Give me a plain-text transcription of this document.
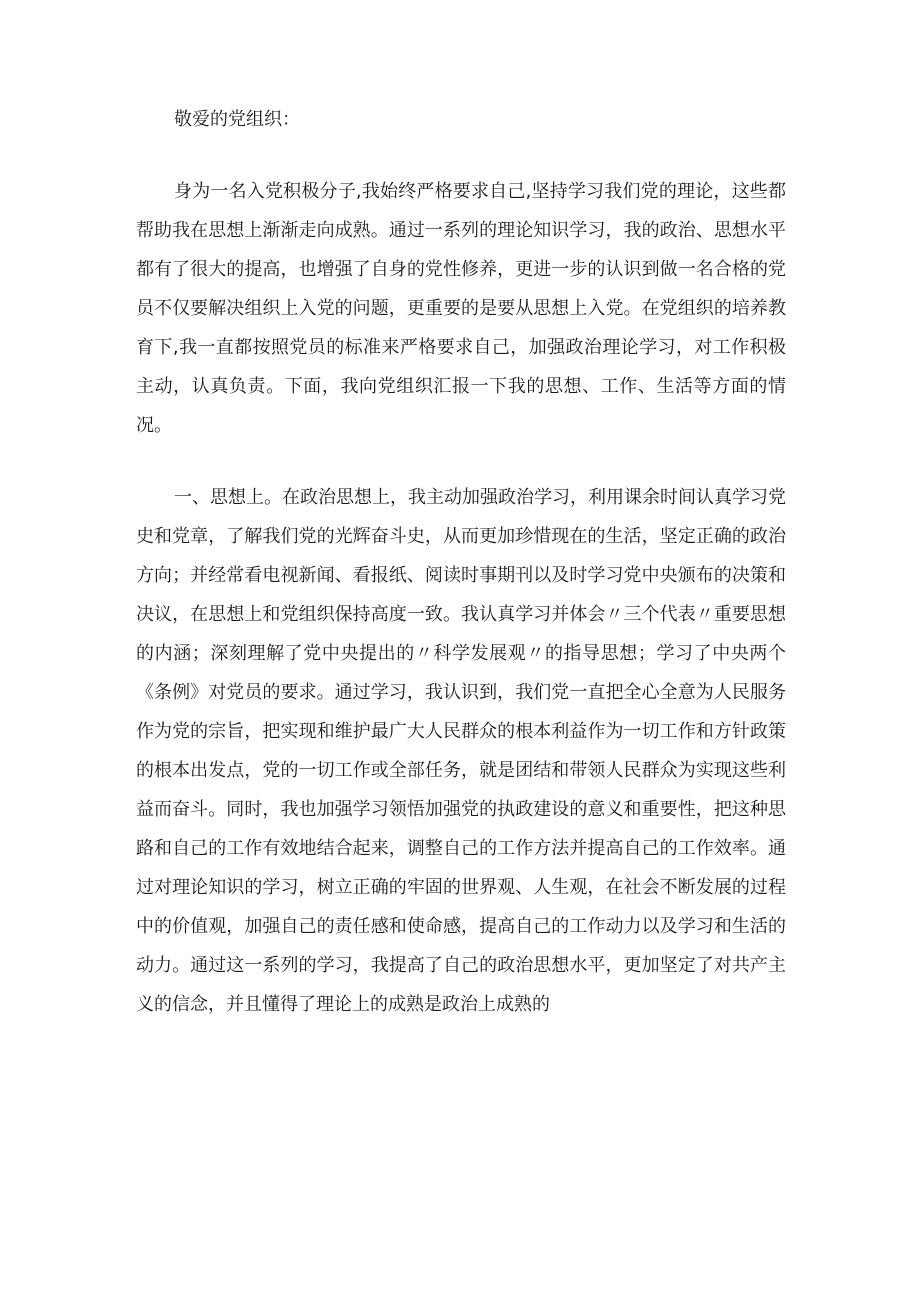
敬爱的党组织：

身为一名入党积极分子,我始终严格要求自己,坚持学习我们党的理论，这些都帮助我在思想上渐渐走向成熟。通过一系列的理论知识学习，我的政治、思想水平都有了很大的提高，也增强了自身的党性修养，更进一步的认识到做一名合格的党员不仅要解决组织上入党的问题，更重要的是要从思想上入党。在党组织的培养教育下,我一直都按照党员的标准来严格要求自己，加强政治理论学习，对工作积极主动，认真负责。下面，我向党组织汇报一下我的思想、工作、生活等方面的情况。

一、思想上。在政治思想上，我主动加强政治学习，利用课余时间认真学习党史和党章，了解我们党的光辉奋斗史，从而更加珍惜现在的生活，坚定正确的政治方向；并经常看电视新闻、看报纸、阅读时事期刊以及时学习党中央颁布的决策和决议，在思想上和党组织保持高度一致。我认真学习并体会〃三个代表〃重要思想的内涵；深刻理解了党中央提出的〃科学发展观〃的指导思想；学习了中央两个《条例》对党员的要求。通过学习，我认识到，我们党一直把全心全意为人民服务作为党的宗旨，把实现和维护最广大人民群众的根本利益作为一切工作和方针政策的根本出发点，党的一切工作或全部任务，就是团结和带领人民群众为实现这些利益而奋斗。同时，我也加强学习领悟加强党的执政建设的意义和重要性，把这种思路和自己的工作有效地结合起来，调整自己的工作方法并提高自己的工作效率。通过对理论知识的学习，树立正确的牢固的世界观、人生观，在社会不断发展的过程中的价值观，加强自己的责任感和使命感，提高自己的工作动力以及学习和生活的动力。通过这一系列的学习，我提高了自己的政治思想水平，更加坚定了对共产主义的信念，并且懂得了理论上的成熟是政治上成熟的
